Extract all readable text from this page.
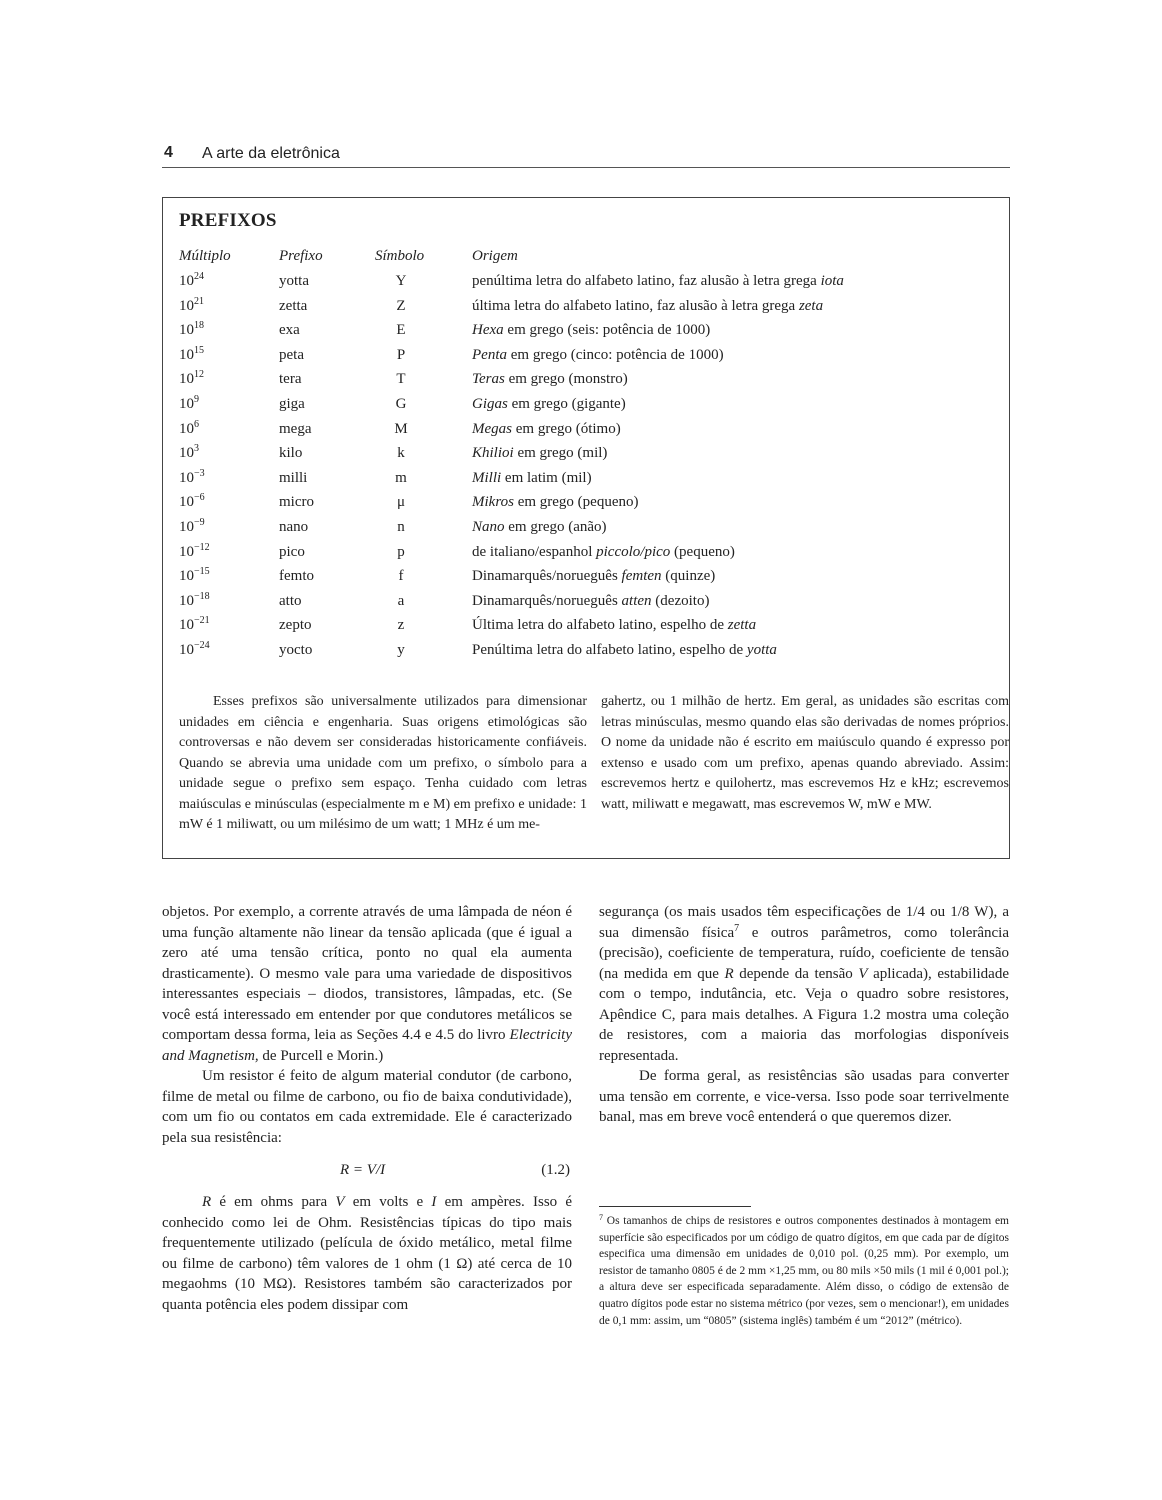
4 A arte da eletrônica
PREFIXOS
Múltiplo	Prefixo	Símbolo	Origem
$10^{24}$	yotta	Y	penúltima letra do alfabeto latino, faz alusão à letra grega iota
$10^{21}$	zetta	Z	última letra do alfabeto latino, faz alusão à letra grega zeta
$10^{18}$	exa	E	Hexa em grego (seis: potência de 1000)
$10^{15}$	peta	P	Penta em grego (cinco: potência de 1000)
$10^{12}$	tera	T	Teras em grego (monstro)
$10^9$	giga	G	Gigas em grego (gigante)
$10^6$	mega	M	Megas em grego (ótimo)
$10^3$	kilo	k	Khilioi em grego (mil)
$10^{-3}$	milli	m	Milli em latim (mil)
$10^{-6}$	micro	μ	Mikros em grego (pequeno)
$10^{-9}$	nano	n	Nano em grego (anão)
$10^{-12}$	pico	p	de italiano/espanhol piccolo/pico (pequeno)
$10^{-15}$	femto	f	Dinamarquês/norueguês femten (quinze)
$10^{-18}$	atto	a	Dinamarquês/norueguês atten (dezoito)
$10^{-21}$	zepto	z	Última letra do alfabeto latino, espelho de zetta
$10^{-24}$	yocto	y	Penúltima letra do alfabeto latino, espelho de yotta
Esses prefixos são universalmente utilizados para dimensionar unidades em ciência e engenharia. Suas origens etimológicas são controversas e não devem ser consideradas historicamente confiáveis. Quando se abrevia uma unidade com um prefixo, o símbolo para a unidade segue o prefixo sem espaço. Tenha cuidado com letras maiúsculas e minúsculas (especialmente m e M) em prefixo e unidade: 1 mW é 1 miliwatt, ou um milésimo de um watt; 1 MHz é um me-
gahertz, ou 1 milhão de hertz. Em geral, as unidades são escritas com letras minúsculas, mesmo quando elas são derivadas de nomes próprios. O nome da unidade não é escrito em maiúsculo quando é expresso por extenso e usado com um prefixo, apenas quando abreviado. Assim: escrevemos hertz e quilohertz, mas escrevemos Hz e kHz; escrevemos watt, miliwatt e megawatt, mas escrevemos W, mW e MW.

objetos. Por exemplo, a corrente através de uma lâmpada de néon é uma função altamente não linear da tensão aplicada (que é igual a zero até uma tensão crítica, ponto no qual ela aumenta drasticamente). O mesmo vale para uma variedade de dispositivos interessantes especiais – diodos, transistores, lâmpadas, etc. (Se você está interessado em entender por que condutores metálicos se comportam dessa forma, leia as Seções 4.4 e 4.5 do livro Electricity and Magnetism, de Purcell e Morin.)

Um resistor é feito de algum material condutor (de carbono, filme de metal ou filme de carbono, ou fio de baixa condutividade), com um fio ou contatos em cada extremidade. Ele é caracterizado pela sua resistência:

R = V/I	(1.2)

R é em ohms para V em volts e I em ampères. Isso é conhecido como lei de Ohm. Resistências típicas do tipo mais frequentemente utilizado (película de óxido metálico, metal filme ou filme de carbono) têm valores de 1 ohm (1 Ω) até cerca de 10 megaohms (10 MΩ). Resistores também são caracterizados por quanta potência eles podem dissipar com

segurança (os mais usados têm especificações de 1/4 ou 1/8 W), a sua dimensão física$^7$ e outros parâmetros, como tolerância (precisão), coeficiente de temperatura, ruído, coeficiente de tensão (na medida em que R depende da tensão V aplicada), estabilidade com o tempo, indutância, etc. Veja o quadro sobre resistores, Apêndice C, para mais detalhes. A Figura 1.2 mostra uma coleção de resistores, com a maioria das morfologias disponíveis representada.

De forma geral, as resistências são usadas para converter uma tensão em corrente, e vice-versa. Isso pode soar terrivelmente banal, mas em breve você entenderá o que queremos dizer.

$^7$ Os tamanhos de chips de resistores e outros componentes destinados à montagem em superfície são especificados por um código de quatro dígitos, em que cada par de dígitos especifica uma dimensão em unidades de 0,010 pol. (0,25 mm). Por exemplo, um resistor de tamanho 0805 é de 2 mm ×1,25 mm, ou 80 mils ×50 mils (1 mil é 0,001 pol.); a altura deve ser especificada separadamente. Além disso, o código de extensão de quatro dígitos pode estar no sistema métrico (por vezes, sem o mencionar!), em unidades de 0,1 mm: assim, um “0805” (sistema inglês) também é um “2012” (métrico).
